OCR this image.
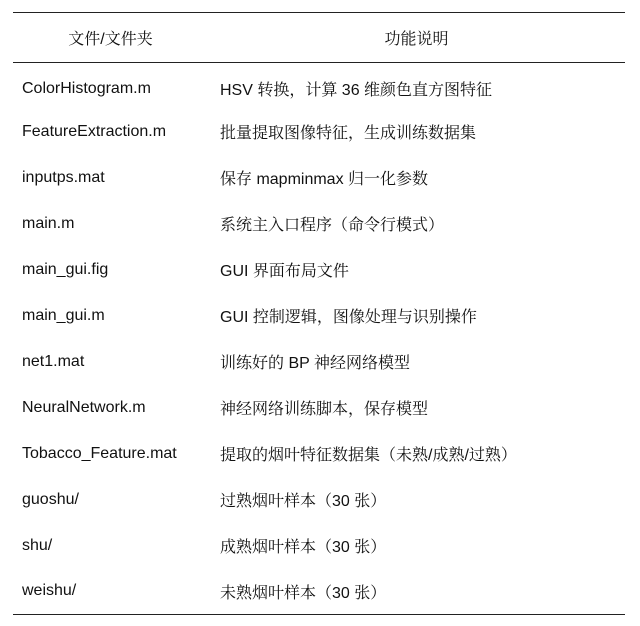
文件/文件夹	功能说明
ColorHistogram.m	HSV 转换，计算 36 维颜色直方图特征
FeatureExtraction.m	批量提取图像特征，生成训练数据集
inputps.mat	保存 mapminmax 归一化参数
main.m	系统主入口程序（命令行模式）
main_gui.fig	GUI 界面布局文件
main_gui.m	GUI 控制逻辑，图像处理与识别操作
net1.mat	训练好的 BP 神经网络模型
NeuralNetwork.m	神经网络训练脚本，保存模型
Tobacco_Feature.mat	提取的烟叶特征数据集（未熟/成熟/过熟）
guoshu/	过熟烟叶样本（30 张）
shu/	成熟烟叶样本（30 张）
weishu/	未熟烟叶样本（30 张）
